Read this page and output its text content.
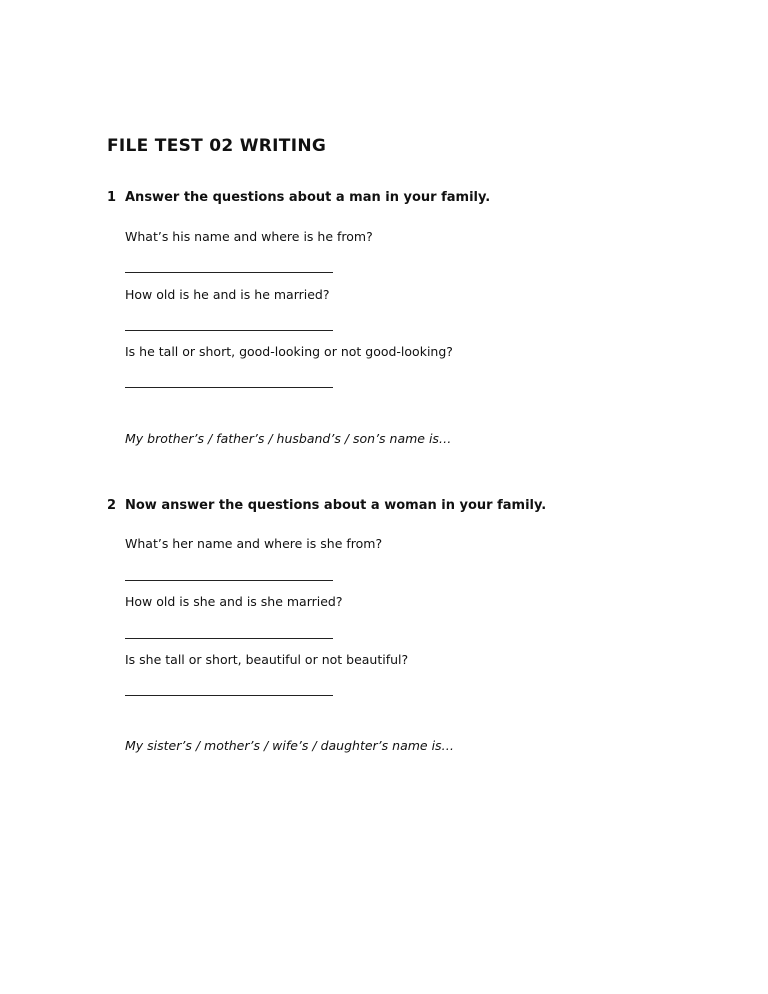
FILE TEST 02 WRITING
1 Answer the questions about a man in your family.
What’s his name and where is he from?
How old is he and is he married?
Is he tall or short, good-looking or not good-looking?
My brother’s / father’s / husband’s / son’s name is…
2 Now answer the questions about a woman in your family.
What’s her name and where is she from?
How old is she and is she married?
Is she tall or short, beautiful or not beautiful?
My sister’s / mother’s / wife’s / daughter’s name is…
